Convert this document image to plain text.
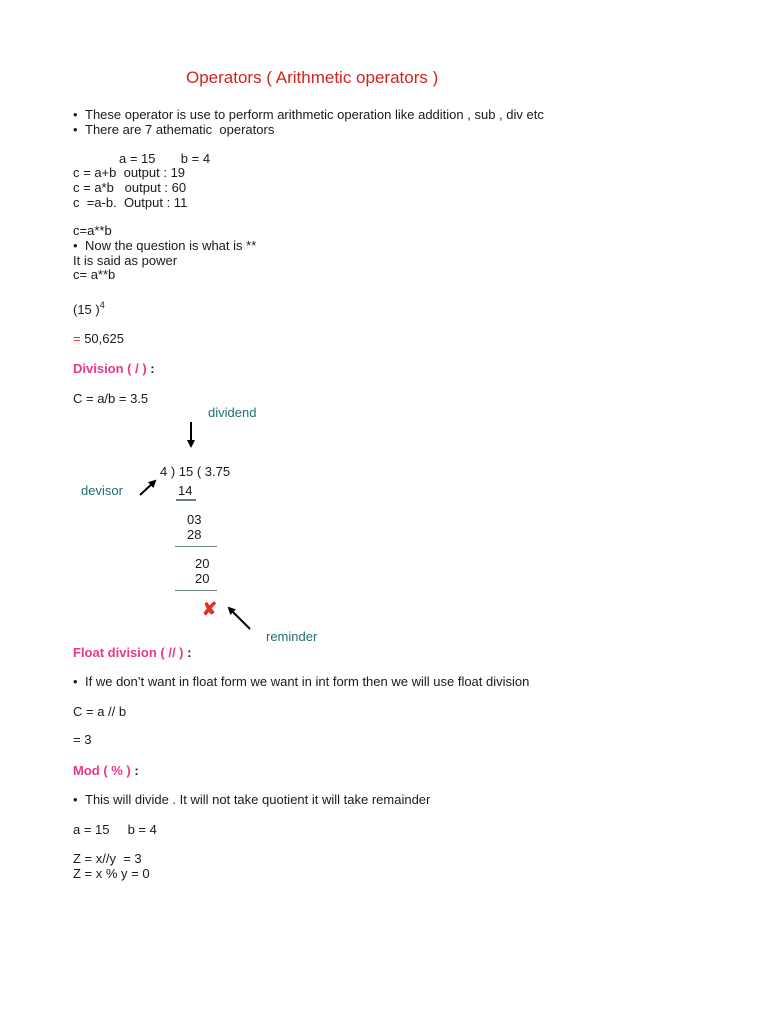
Operators ( Arithmetic operators )
• These operator is use to perform arithmetic operation like addition , sub , div etc
• There are 7 athematic  operators
a = 15       b = 4
c = a+b  output : 19
c = a*b   output : 60
c  =a-b.  Output : 11
c=a**b
• Now the question is what is **
It is said as power
c= a**b
(15 )$^4$
= 50,625
Division ( / ) :
C = a/b = 3.5
dividend
4 ) 15 ( 3.75
devisor	14
03
28
20
20
✘
reminder
Float division ( // ) :
• If we don’t want in float form we want in int form then we will use float division
C = a // b
= 3
Mod ( % ) :
• This will divide . It will not take quotient it will take remainder
a = 15     b = 4
Z = x//y  = 3
Z = x % y = 0
